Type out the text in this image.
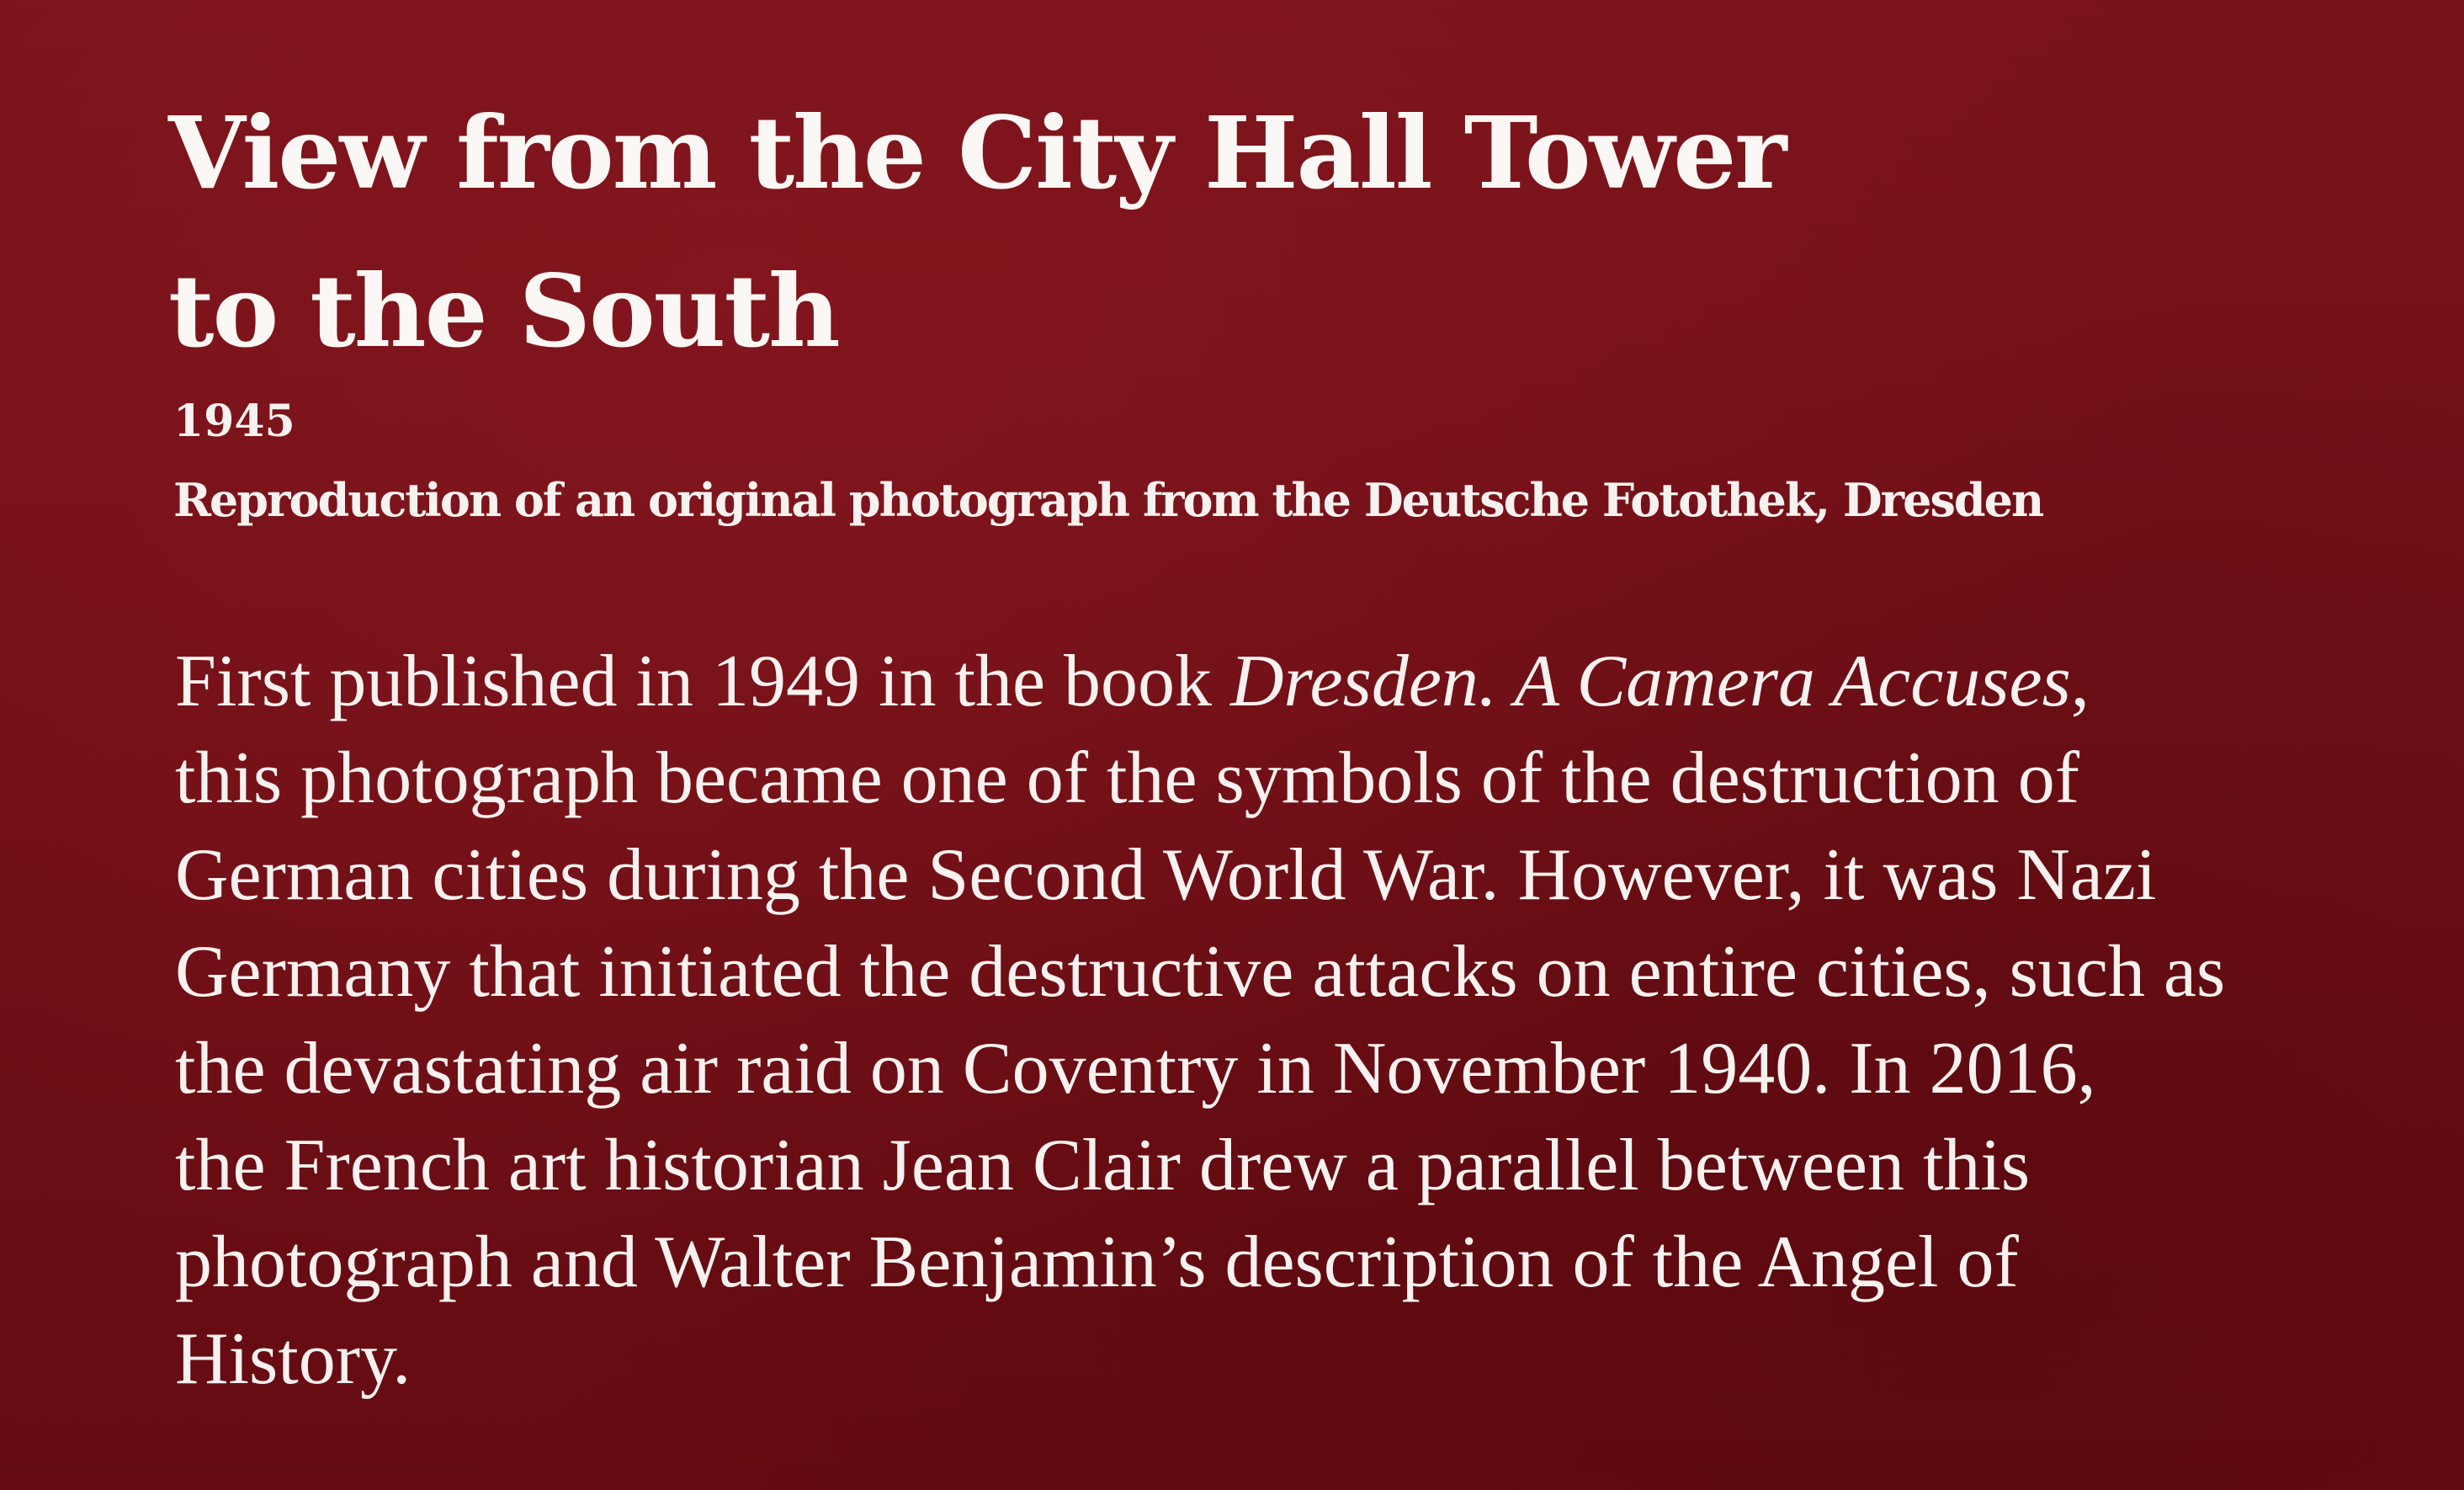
View from the City Hall Tower
to the South

1945

Reproduction of an original photograph from the Deutsche Fotothek, Dresden

First published in 1949 in the book Dresden. A Camera Accuses,
this photograph became one of the symbols of the destruction of
German cities during the Second World War. However, it was Nazi
Germany that initiated the destructive attacks on entire cities, such as
the devastating air raid on Coventry in November 1940. In 2016,
the French art historian Jean Clair drew a parallel between this
photograph and Walter Benjamin’s description of the Angel of
History.
